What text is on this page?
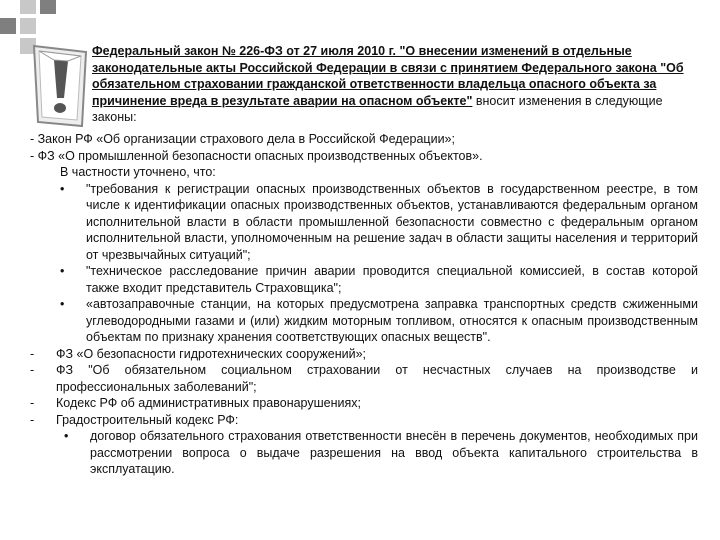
Федеральный закон № 226-ФЗ от 27 июля 2010 г. "О внесении изменений в отдельные законодательные акты Российской Федерации в связи с принятием Федерального закона "Об обязательном страховании гражданской ответственности владельца опасного объекта за причинение вреда в результате аварии на опасном объекте" вносит изменения в следующие законы:
- Закон РФ «Об организации страхового дела в Российской Федерации»;
- ФЗ «О промышленной безопасности опасных производственных объектов».
В частности уточнено, что:
• "требования к регистрации опасных производственных объектов в государственном реестре, в том числе к идентификации опасных производственных объектов, устанавливаются федеральным органом исполнительной власти в области промышленной безопасности совместно с федеральным органом исполнительной власти, уполномоченным на решение задач в области защиты населения и территорий от чрезвычайных ситуаций";
• "техническое расследование причин аварии проводится специальной комиссией, в состав которой также входит представитель Страховщика";
• «автозаправочные станции, на которых предусмотрена заправка транспортных средств сжиженными углеводородными газами и (или) жидким моторным топливом, относятся к опасным производственным объектам по признаку хранения соответствующих опасных веществ".
- ФЗ «О безопасности гидротехнических сооружений»;
- ФЗ "Об обязательном социальном страховании от несчастных случаев на производстве и профессиональных заболеваний";
- Кодекс РФ об административных правонарушениях;
- Градостроительный кодекс РФ:
• договор обязательного страхования ответственности внесён в перечень документов, необходимых при рассмотрении вопроса о выдаче разрешения на ввод объекта капитального строительства в эксплуатацию.
